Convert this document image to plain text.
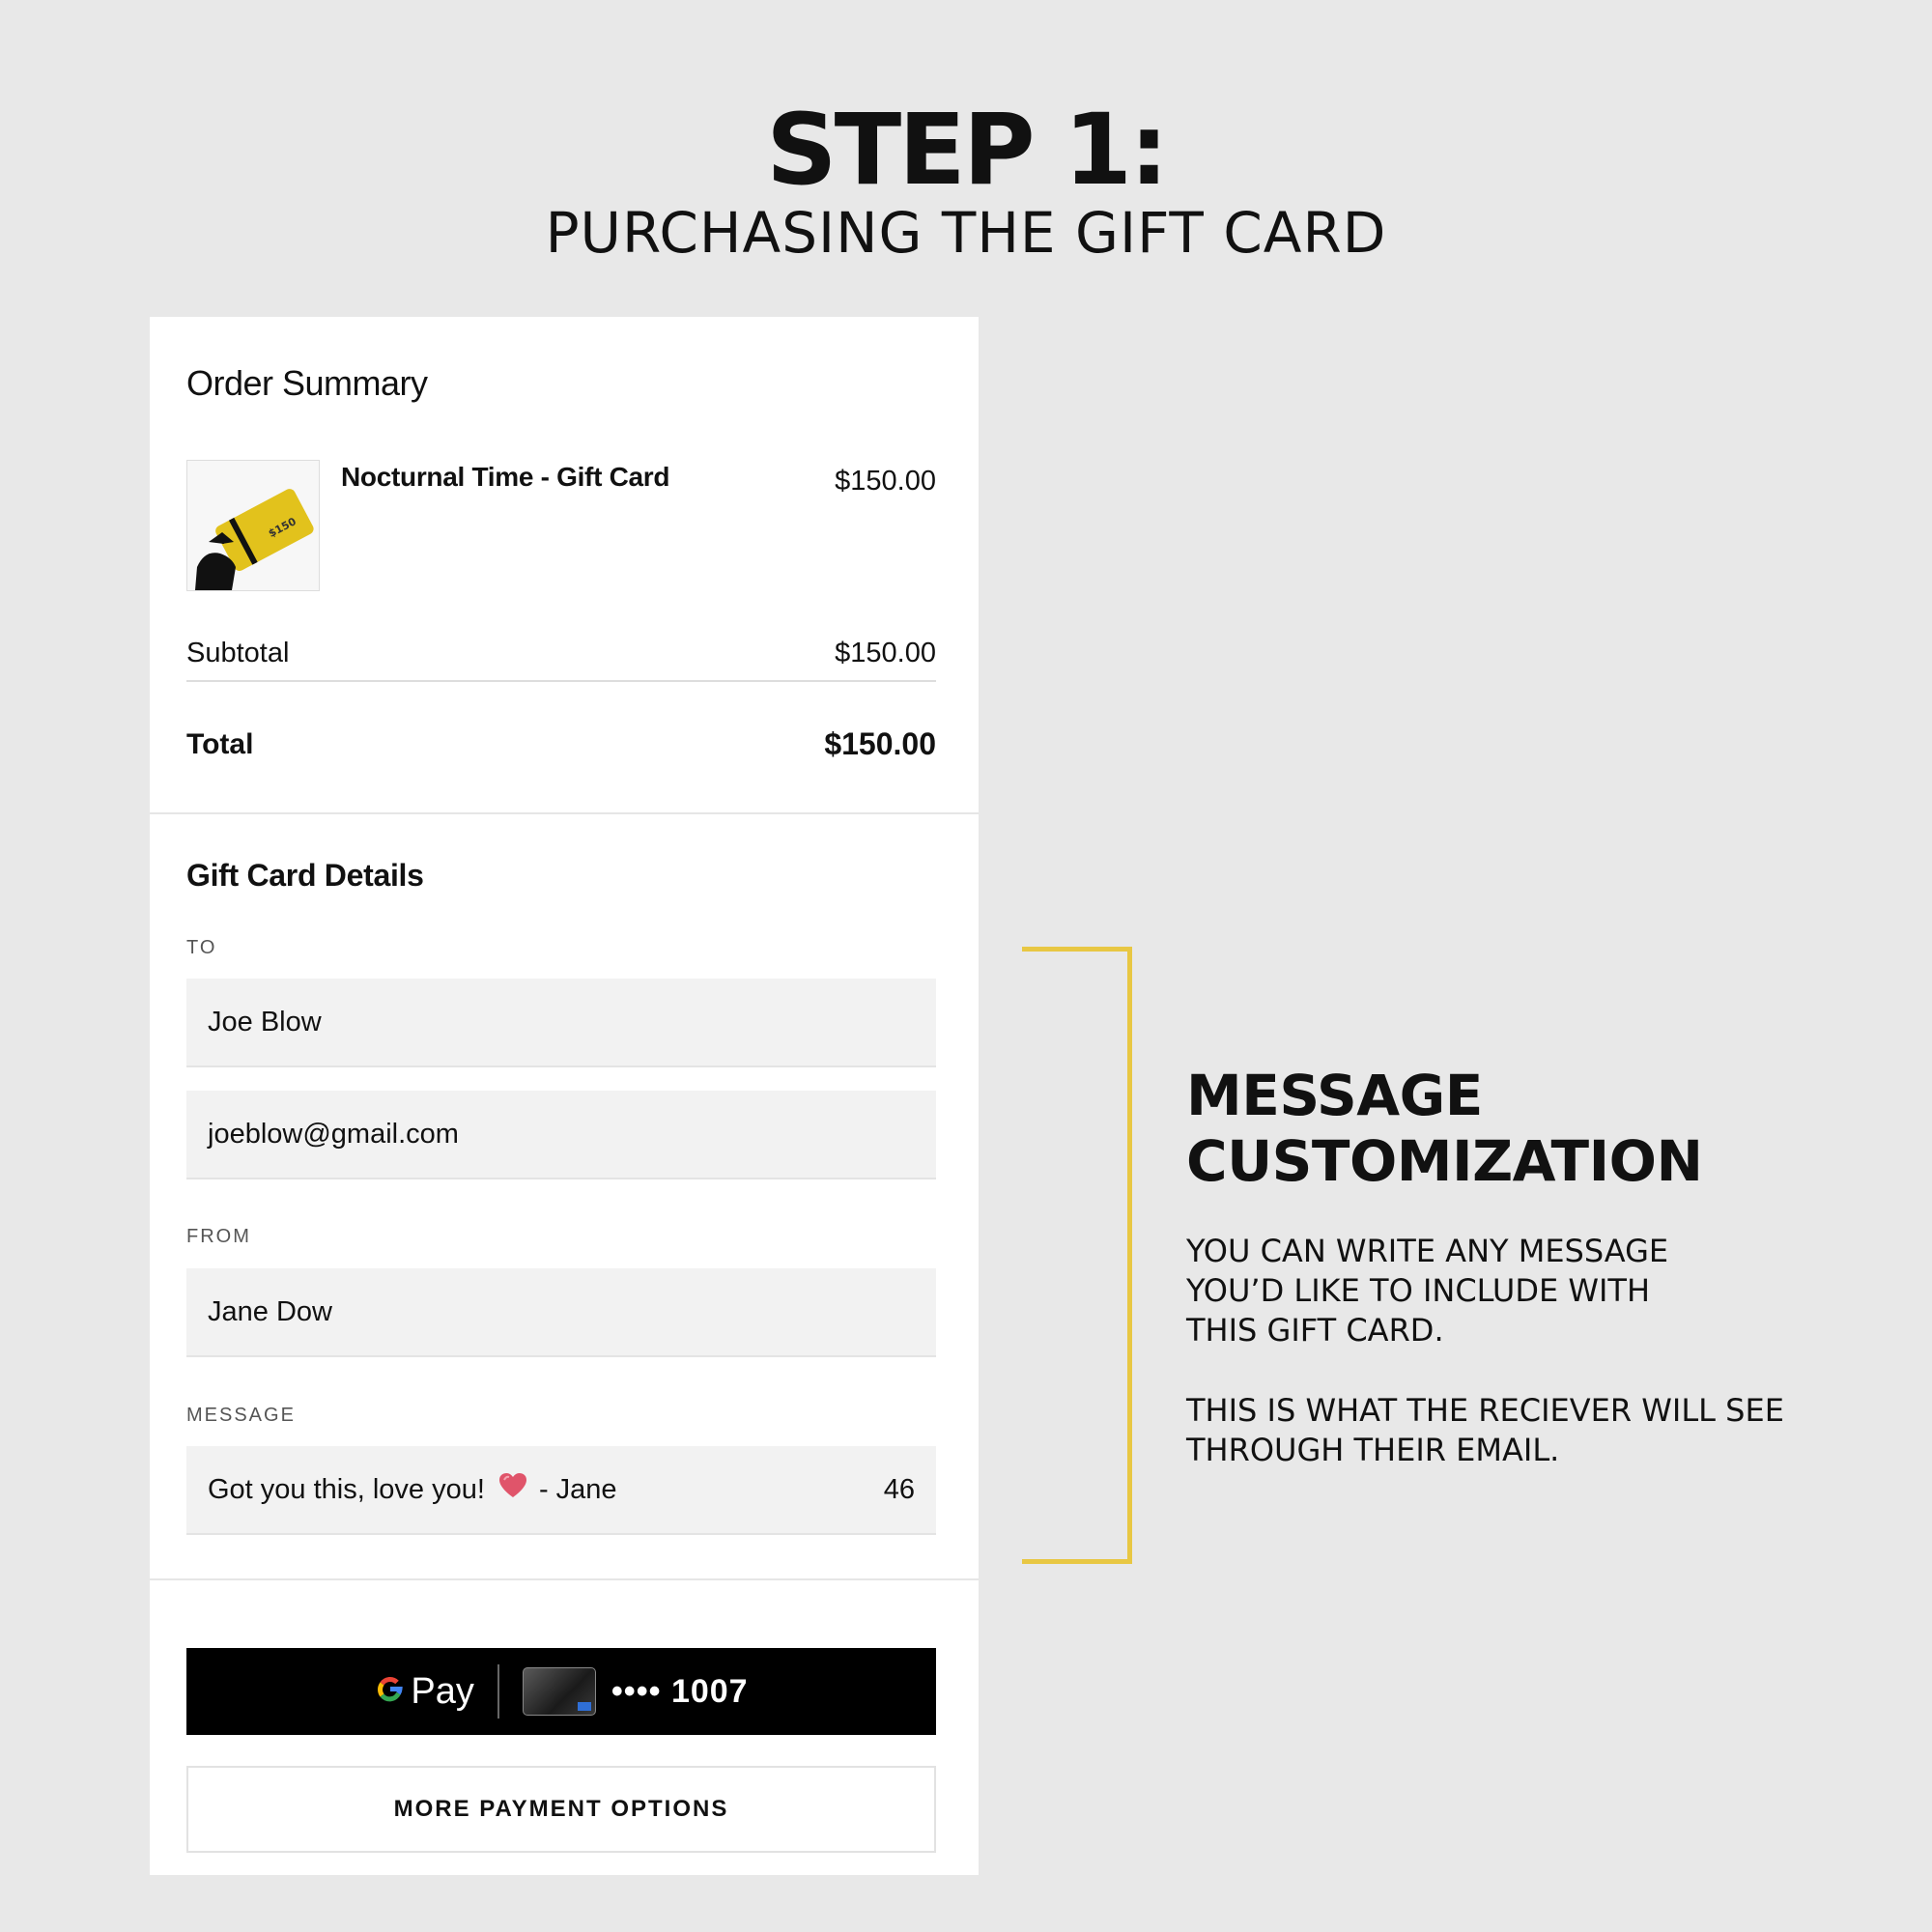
STEP 1:
PURCHASING THE GIFT CARD
Order Summary
$150
Nocturnal Time - Gift Card	$150.00
Subtotal	$150.00
Total	$150.00
Gift Card Details
TO
Joe Blow
joeblow@gmail.com
FROM
Jane Dow
MESSAGE
Got you this, love you! - Jane	46
Pay	•••• 1007
MORE PAYMENT OPTIONS
MESSAGE
CUSTOMIZATION
YOU CAN WRITE ANY MESSAGE
YOU’D LIKE TO INCLUDE WITH
THIS GIFT CARD.
THIS IS WHAT THE RECIEVER WILL SEE
THROUGH THEIR EMAIL.
